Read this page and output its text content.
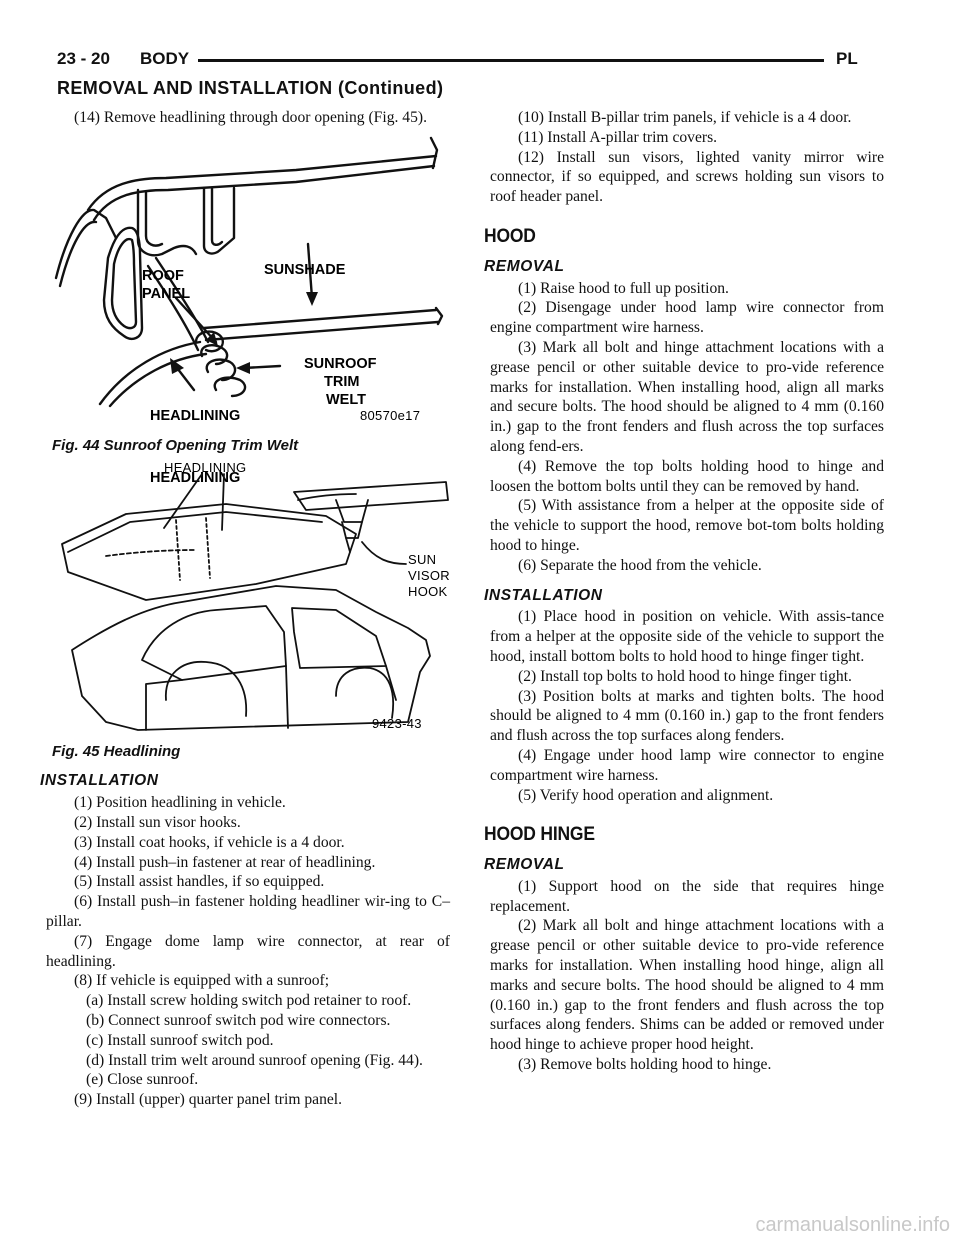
23 - 20 BODY	PL
REMOVAL AND INSTALLATION (Continued)

(14) Remove headlining through door opening (Fig. 45).

ROOF
PANEL
SUNSHADE
SUNROOF
TRIM
WELT
HEADLINING
HEADLINING	80570e17
Fig. 44 Sunroof Opening Trim Welt
HEADLINING
SUN
VISOR
HOOK
9423-43
Fig. 45 Headlining
INSTALLATION

(1) Position headlining in vehicle.

(2) Install sun visor hooks.

(3) Install coat hooks, if vehicle is a 4 door.

(4) Install push–in fastener at rear of headlining.

(5) Install assist handles, if so equipped.

(6) Install push–in fastener holding headliner wir-ing to C–pillar.

(7) Engage dome lamp wire connector, at rear of headlining.

(8) If vehicle is equipped with a sunroof;

(a) Install screw holding switch pod retainer to roof.

(b) Connect sunroof switch pod wire connectors.

(c) Install sunroof switch pod.

(d) Install trim welt around sunroof opening (Fig. 44).

(e) Close sunroof.

(9) Install (upper) quarter panel trim panel.

(10) Install B-pillar trim panels, if vehicle is a 4 door.

(11) Install A-pillar trim covers.

(12) Install sun visors, lighted vanity mirror wire connector, if so equipped, and screws holding sun visors to roof header panel.

HOOD
REMOVAL

(1) Raise hood to full up position.

(2) Disengage under hood lamp wire connector from engine compartment wire harness.

(3) Mark all bolt and hinge attachment locations with a grease pencil or other suitable device to pro-vide reference marks for installation. When installing hood, align all marks and secure bolts. The hood should be aligned to 4 mm (0.160 in.) gap to the front fenders and flush across the top surfaces along fend-ers.

(4) Remove the top bolts holding hood to hinge and loosen the bottom bolts until they can be removed by hand.

(5) With assistance from a helper at the opposite side of the vehicle to support the hood, remove bot-tom bolts holding hood to hinge.

(6) Separate the hood from the vehicle.

INSTALLATION

(1) Place hood in position on vehicle. With assis-tance from a helper at the opposite side of the vehicle to support the hood, install bottom bolts to hold hood to hinge finger tight.

(2) Install top bolts to hold hood to hinge finger tight.

(3) Position bolts at marks and tighten bolts. The hood should be aligned to 4 mm (0.160 in.) gap to the front fenders and flush across the top surfaces along fenders.

(4) Engage under hood lamp wire connector to engine compartment wire harness.

(5) Verify hood operation and alignment.

HOOD HINGE
REMOVAL

(1) Support hood on the side that requires hinge replacement.

(2) Mark all bolt and hinge attachment locations with a grease pencil or other suitable device to pro-vide reference marks for installation. When installing hood hinge, align all marks and secure bolts. The hood should be aligned to 4 mm (0.160 in.) gap to the front fenders and flush across the top surfaces along fenders. Shims can be added or removed under hood hinge to achieve proper hood height.

(3) Remove bolts holding hood to hinge.

carmanualsonline.info
